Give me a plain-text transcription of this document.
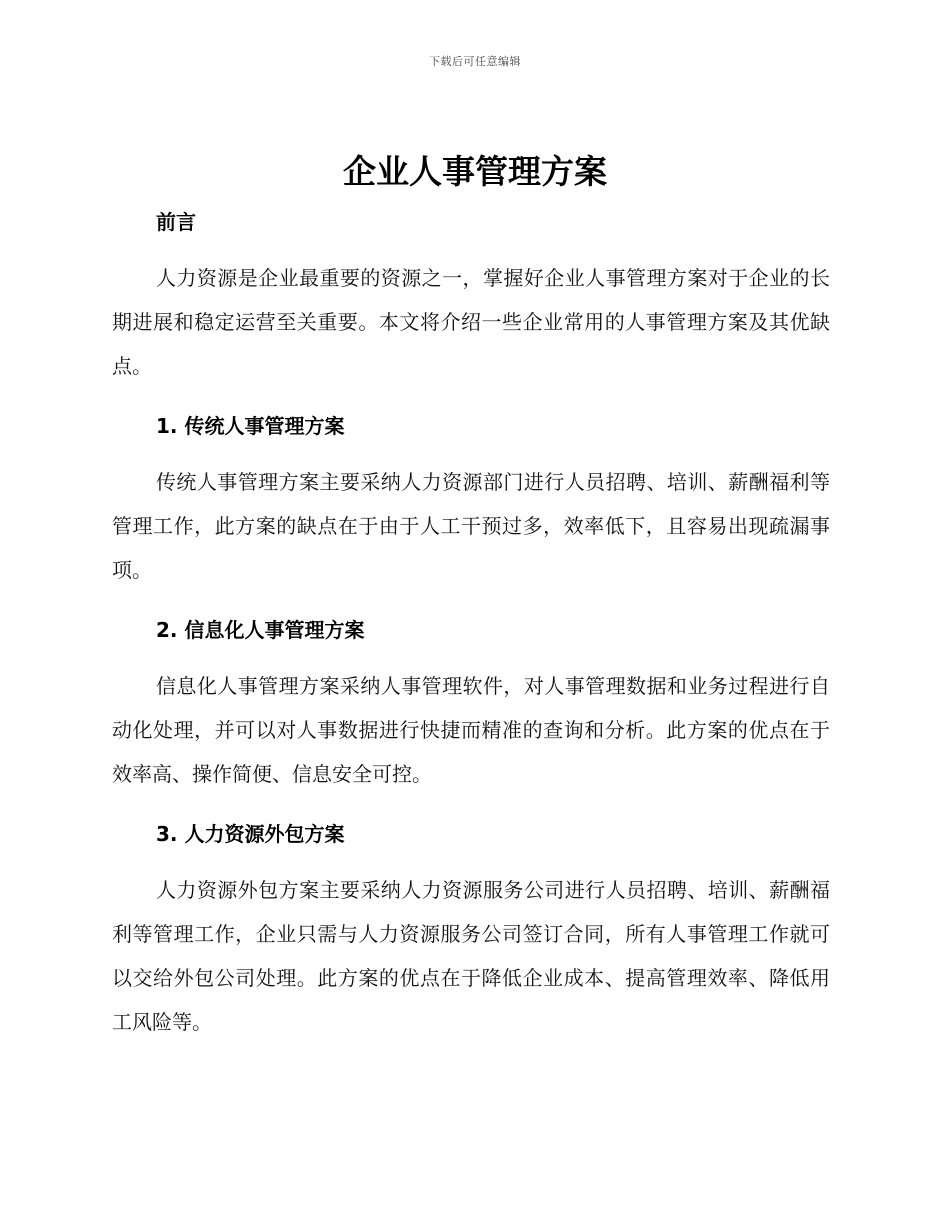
下载后可任意编辑
企业人事管理方案
前言

人力资源是企业最重要的资源之一，掌握好企业人事管理方案对于企业的长期进展和稳定运营至关重要。本文将介绍一些企业常用的人事管理方案及其优缺点。

1. 传统人事管理方案

传统人事管理方案主要采纳人力资源部门进行人员招聘、培训、薪酬福利等管理工作，此方案的缺点在于由于人工干预过多，效率低下，且容易出现疏漏事项。

2. 信息化人事管理方案

信息化人事管理方案采纳人事管理软件，对人事管理数据和业务过程进行自动化处理，并可以对人事数据进行快捷而精准的查询和分析。此方案的优点在于效率高、操作简便、信息安全可控。

3. 人力资源外包方案

人力资源外包方案主要采纳人力资源服务公司进行人员招聘、培训、薪酬福利等管理工作，企业只需与人力资源服务公司签订合同，所有人事管理工作就可以交给外包公司处理。此方案的优点在于降低企业成本、提高管理效率、降低用工风险等。
